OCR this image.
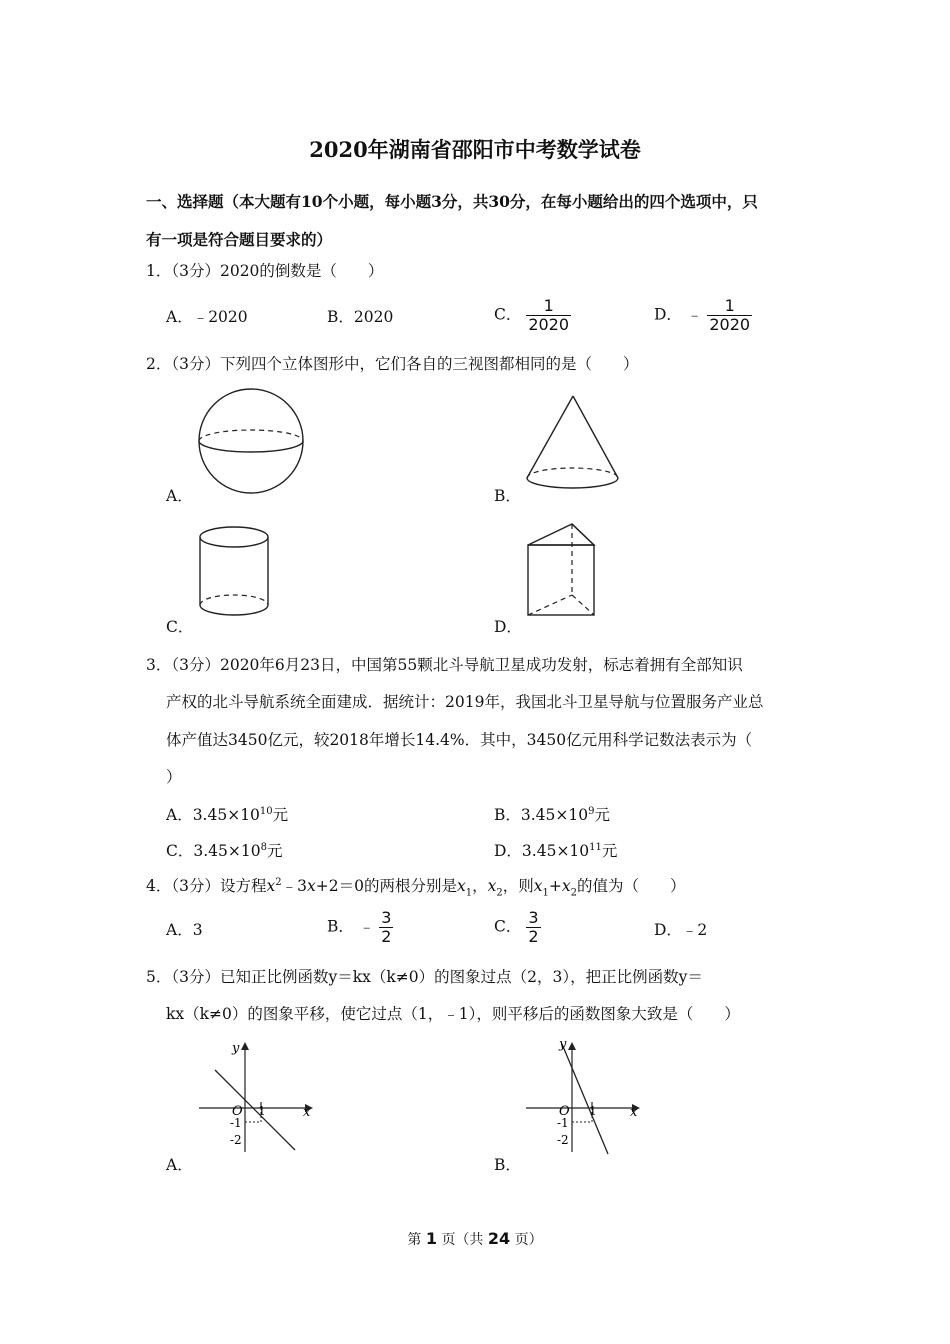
2020年湖南省邵阳市中考数学试卷
一、选择题（本大题有10个小题，每小题3分，共30分，在每小题给出的四个选项中，只
有一项是符合题目要求的）
1．（3分）2020的倒数是（　　）
A．﹣2020	B．2020	C． $\frac{1}{2020}$	D． ﹣ $\frac{1}{2020}$
2．（3分）下列四个立体图形中，它们各自的三视图都相同的是（　　）
A．	B．
C．	D．
3．（3分）2020年6月23日，中国第55颗北斗导航卫星成功发射，标志着拥有全部知识
产权的北斗导航系统全面建成．据统计：2019年，我国北斗卫星导航与位置服务产业总
体产值达3450亿元，较2018年增长14.4%．其中，3450亿元用科学记数法表示为（
）
A．$3.45\times 10^{10}$元	B．$3.45\times 10^9$元
C．$3.45\times 10^8$元	D．$3.45\times 10^{11}$元
4．（3分）设方程$x^2﹣3x+2=0$的两根分别是$x_1$，$x_2$，则$x_1+x_2$的值为（　　）
A．3	B． ﹣ $\frac{3}{2}$	C． $\frac{3}{2}$	D．﹣2
5．（3分）已知正比例函数y＝kx（k≠0）的图象过点（2，3），把正比例函数y＝
kx（k≠0）的图象平移，使它过点（1，﹣1），则平移后的函数图象大致是（　　）
y
x
O 1
-1
-2
A．
y
x
O 1
-1
-2
B．
第 1 页（共 24 页）
